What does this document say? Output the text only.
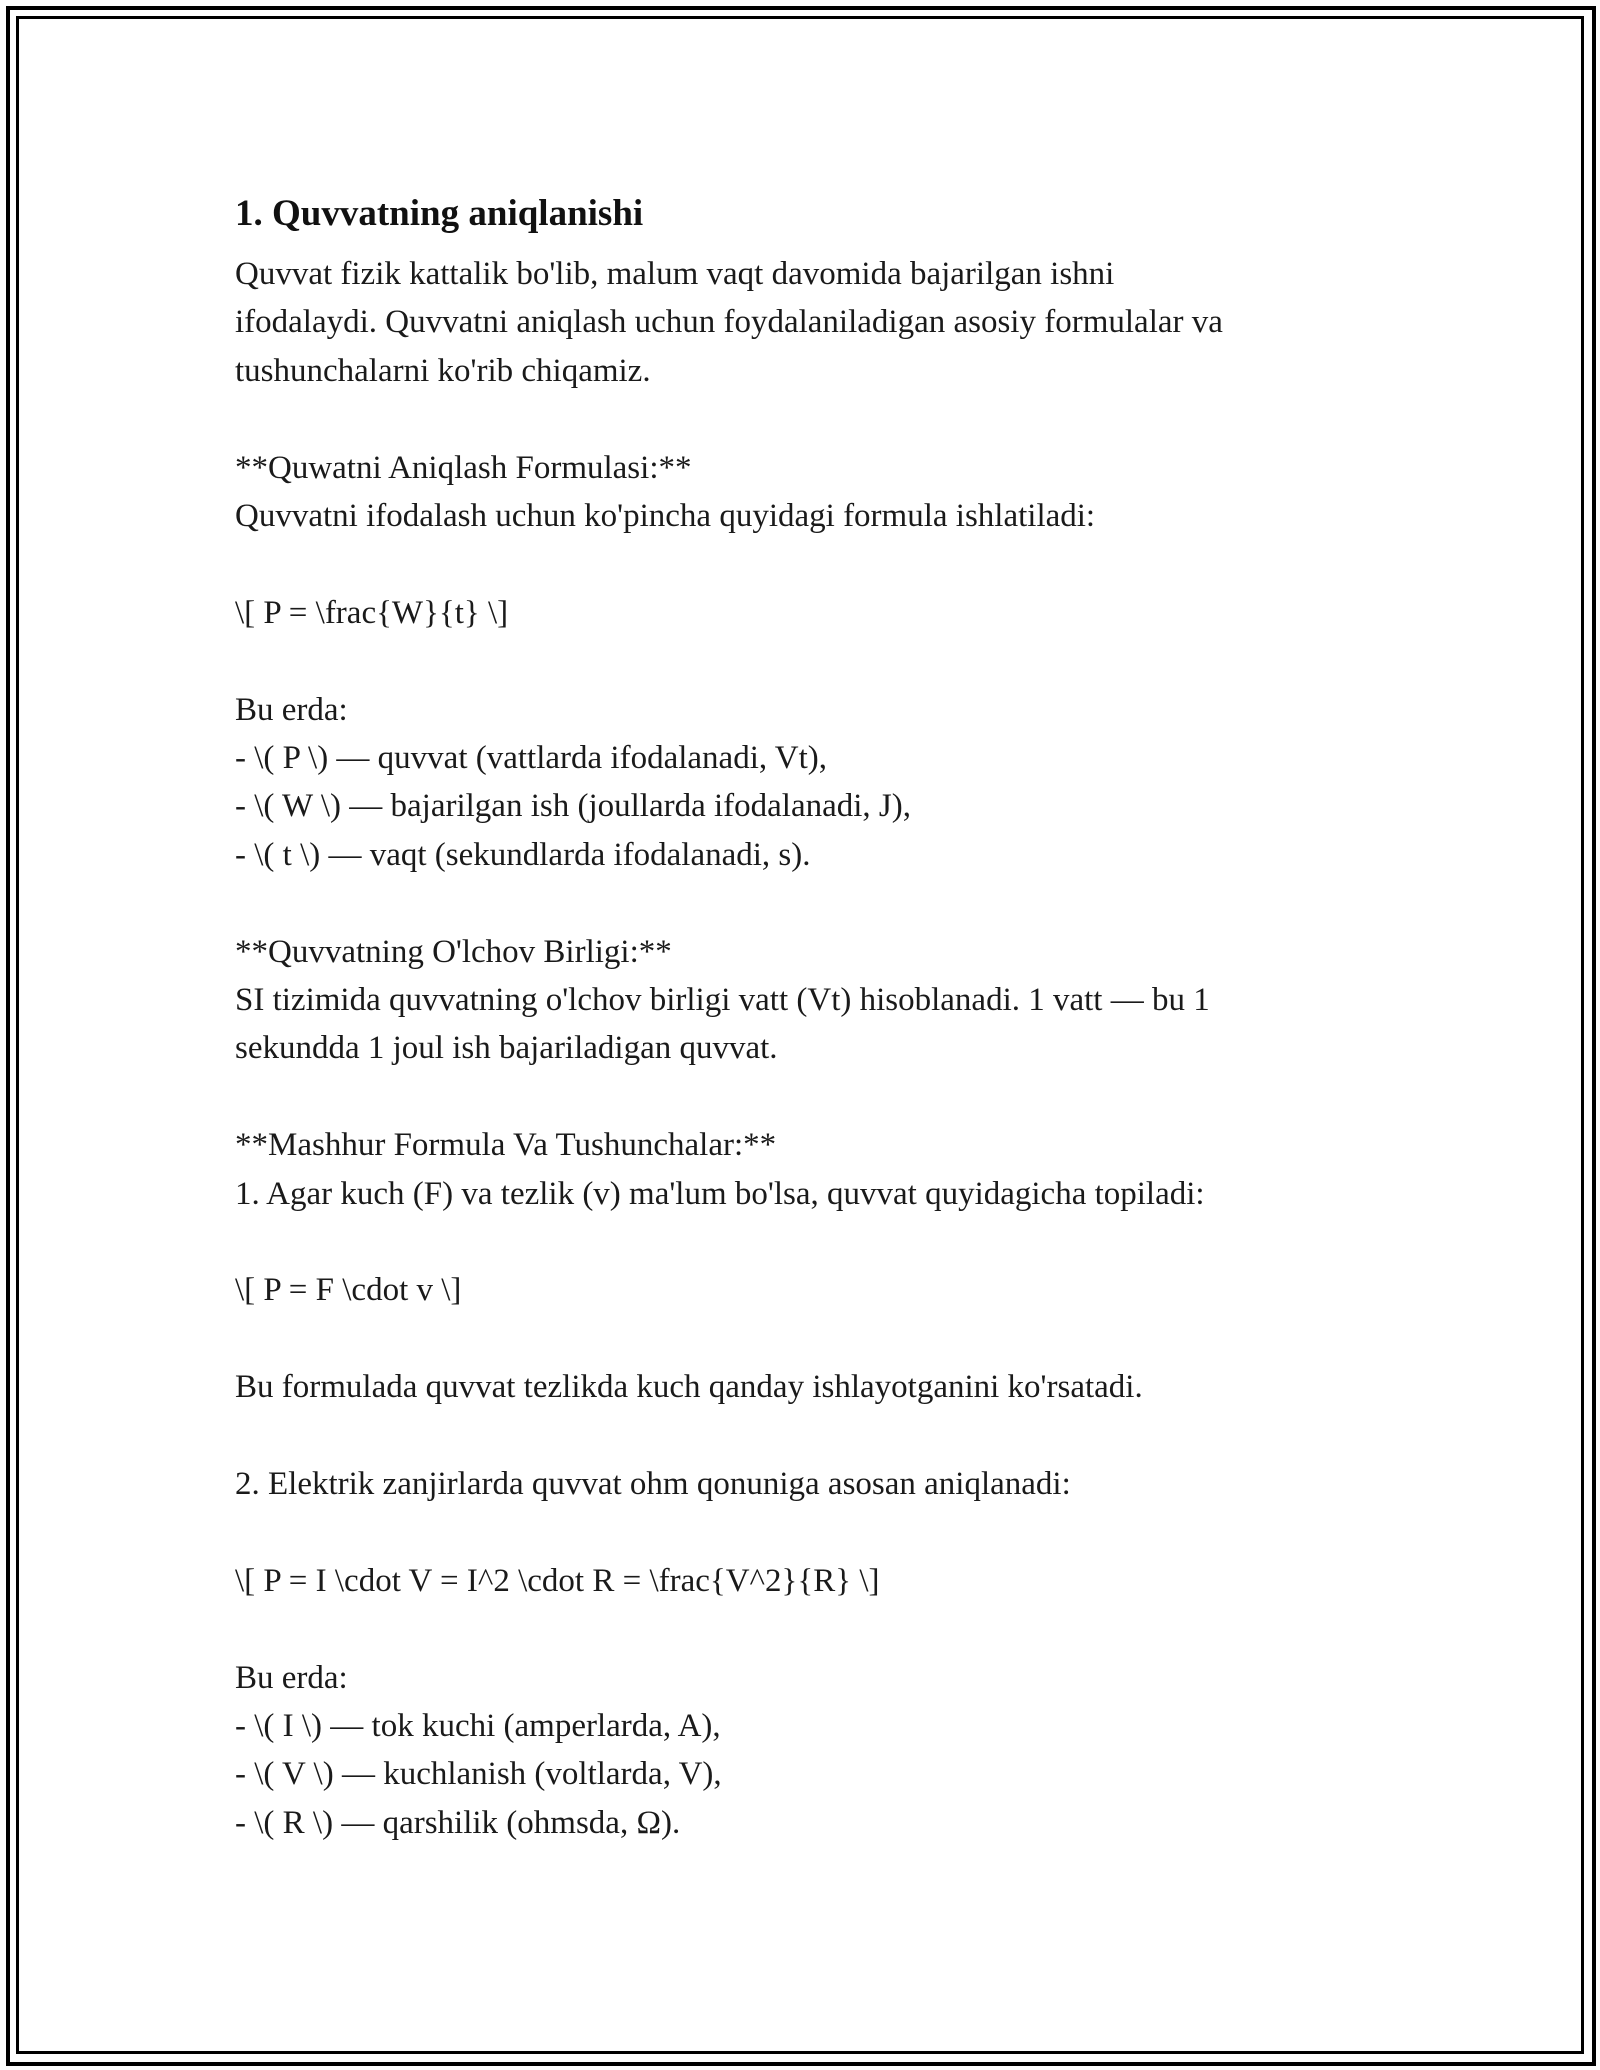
1. Quvvatning aniqlanishi
Quvvat fizik kattalik bo'lib, malum vaqt davomida bajarilgan ishni
ifodalaydi. Quvvatni aniqlash uchun foydalaniladigan asosiy formulalar va
tushunchalarni ko'rib chiqamiz.
**Quwatni Aniqlash Formulasi:**
Quvvatni ifodalash uchun ko'pincha quyidagi formula ishlatiladi:
\[ P = \frac{W}{t} \]
Bu erda:
- \( P \) — quvvat (vattlarda ifodalanadi, Vt),
- \( W \) — bajarilgan ish (joullarda ifodalanadi, J),
- \( t \) — vaqt (sekundlarda ifodalanadi, s).
**Quvvatning O'lchov Birligi:**
SI tizimida quvvatning o'lchov birligi vatt (Vt) hisoblanadi. 1 vatt — bu 1
sekundda 1 joul ish bajariladigan quvvat.
**Mashhur Formula Va Tushunchalar:**
1. Agar kuch (F) va tezlik (v) ma'lum bo'lsa, quvvat quyidagicha topiladi:
\[ P = F \cdot v \]
Bu formulada quvvat tezlikda kuch qanday ishlayotganini ko'rsatadi.
2. Elektrik zanjirlarda quvvat ohm qonuniga asosan aniqlanadi:
\[ P = I \cdot V = I^2 \cdot R = \frac{V^2}{R} \]
Bu erda:
- \( I \) — tok kuchi (amperlarda, A),
- \( V \) — kuchlanish (voltlarda, V),
- \( R \) — qarshilik (ohmsda, Ω).
